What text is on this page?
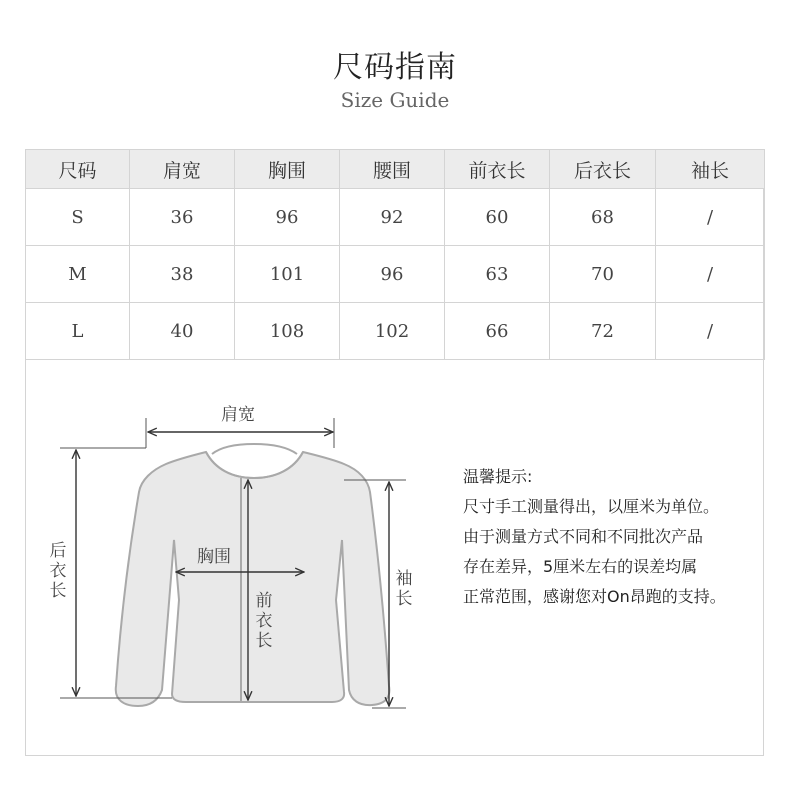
尺码指南
Size Guide
尺码	肩宽	胸围	腰围	前衣长	后衣长	袖长
S	36	96	92	60	68	/
M	38	101	96	63	70	/
L	40	108	102	66	72	/
肩宽
胸围
后
衣
长	前
衣
长
袖
长
温馨提示:
尺寸手工测量得出，以厘米为单位。
由于测量方式不同和不同批次产品
存在差异，5厘米左右的误差均属
正常范围，感谢您对On昂跑的支持。
